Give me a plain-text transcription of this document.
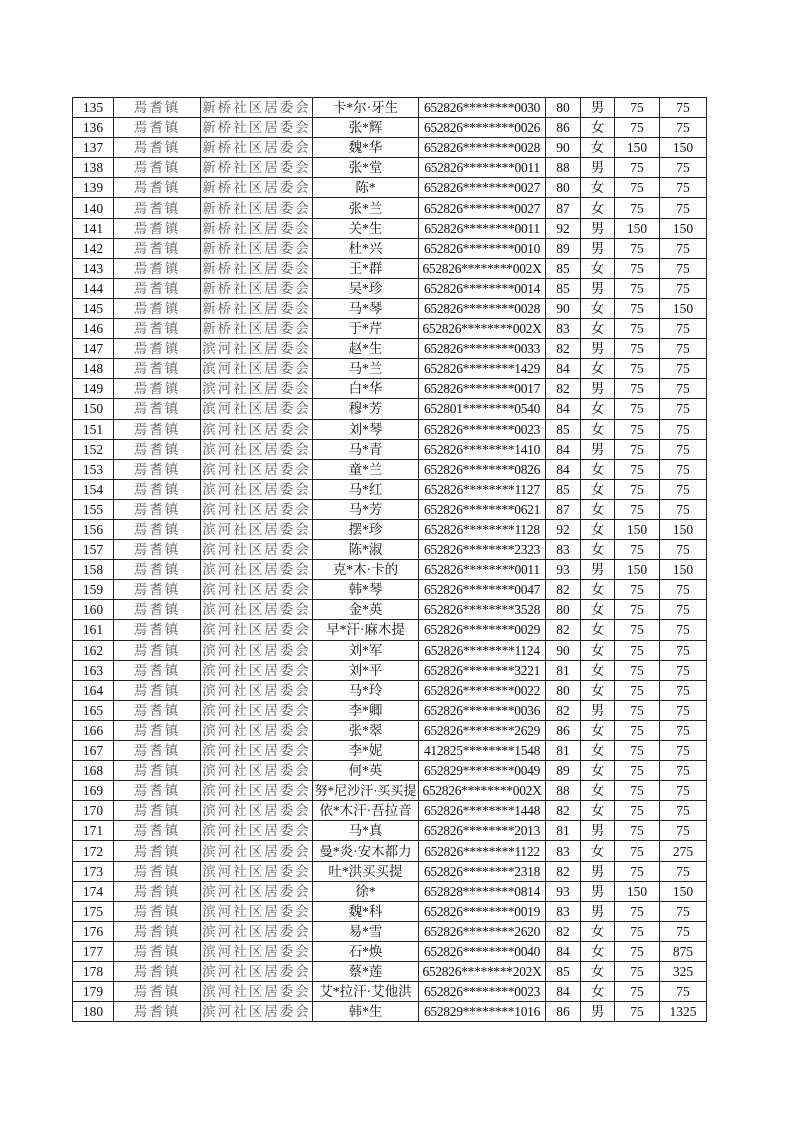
135	焉耆镇	新桥社区居委会	卡*尔·牙生	652826********0030	80	男	75	75
136	焉耆镇	新桥社区居委会	张*辉	652826********0026	86	女	75	75
137	焉耆镇	新桥社区居委会	魏*华	652826********0028	90	女	150	150
138	焉耆镇	新桥社区居委会	张*堂	652826********0011	88	男	75	75
139	焉耆镇	新桥社区居委会	陈*	652826********0027	80	女	75	75
140	焉耆镇	新桥社区居委会	张*兰	652826********0027	87	女	75	75
141	焉耆镇	新桥社区居委会	关*生	652826********0011	92	男	150	150
142	焉耆镇	新桥社区居委会	杜*兴	652826********0010	89	男	75	75
143	焉耆镇	新桥社区居委会	王*群	652826********002X	85	女	75	75
144	焉耆镇	新桥社区居委会	吴*珍	652826********0014	85	男	75	75
145	焉耆镇	新桥社区居委会	马*琴	652826********0028	90	女	75	150
146	焉耆镇	新桥社区居委会	于*芹	652826********002X	83	女	75	75
147	焉耆镇	滨河社区居委会	赵*生	652826********0033	82	男	75	75
148	焉耆镇	滨河社区居委会	马*兰	652826********1429	84	女	75	75
149	焉耆镇	滨河社区居委会	白*华	652826********0017	82	男	75	75
150	焉耆镇	滨河社区居委会	穆*芳	652801********0540	84	女	75	75
151	焉耆镇	滨河社区居委会	刘*琴	652826********0023	85	女	75	75
152	焉耆镇	滨河社区居委会	马*青	652826********1410	84	男	75	75
153	焉耆镇	滨河社区居委会	童*兰	652826********0826	84	女	75	75
154	焉耆镇	滨河社区居委会	马*红	652826********1127	85	女	75	75
155	焉耆镇	滨河社区居委会	马*芳	652826********0621	87	女	75	75
156	焉耆镇	滨河社区居委会	摆*珍	652826********1128	92	女	150	150
157	焉耆镇	滨河社区居委会	陈*淑	652826********2323	83	女	75	75
158	焉耆镇	滨河社区居委会	克*木·卡的	652826********0011	93	男	150	150
159	焉耆镇	滨河社区居委会	韩*琴	652826********0047	82	女	75	75
160	焉耆镇	滨河社区居委会	金*英	652826********3528	80	女	75	75
161	焉耆镇	滨河社区居委会	早*汗·麻木提	652826********0029	82	女	75	75
162	焉耆镇	滨河社区居委会	刘*军	652826********1124	90	女	75	75
163	焉耆镇	滨河社区居委会	刘*平	652826********3221	81	女	75	75
164	焉耆镇	滨河社区居委会	马*玲	652826********0022	80	女	75	75
165	焉耆镇	滨河社区居委会	李*卿	652826********0036	82	男	75	75
166	焉耆镇	滨河社区居委会	张*翠	652826********2629	86	女	75	75
167	焉耆镇	滨河社区居委会	李*妮	412825********1548	81	女	75	75
168	焉耆镇	滨河社区居委会	何*英	652829********0049	89	女	75	75
169	焉耆镇	滨河社区居委会	努*尼沙汗·买买提	652826********002X	88	女	75	75
170	焉耆镇	滨河社区居委会	依*木汗·吾拉音	652826********1448	82	女	75	75
171	焉耆镇	滨河社区居委会	马*真	652826********2013	81	男	75	75
172	焉耆镇	滨河社区居委会	曼*炎·安木都力	652826********1122	83	女	75	275
173	焉耆镇	滨河社区居委会	吐*洪买买提	652826********2318	82	男	75	75
174	焉耆镇	滨河社区居委会	徐*	652828********0814	93	男	150	150
175	焉耆镇	滨河社区居委会	魏*科	652826********0019	83	男	75	75
176	焉耆镇	滨河社区居委会	易*雪	652826********2620	82	女	75	75
177	焉耆镇	滨河社区居委会	石*焕	652826********0040	84	女	75	875
178	焉耆镇	滨河社区居委会	蔡*莲	652826********202X	85	女	75	325
179	焉耆镇	滨河社区居委会	艾*拉汗·艾他洪	652826********0023	84	女	75	75
180	焉耆镇	滨河社区居委会	韩*生	652829********1016	86	男	75	1325
